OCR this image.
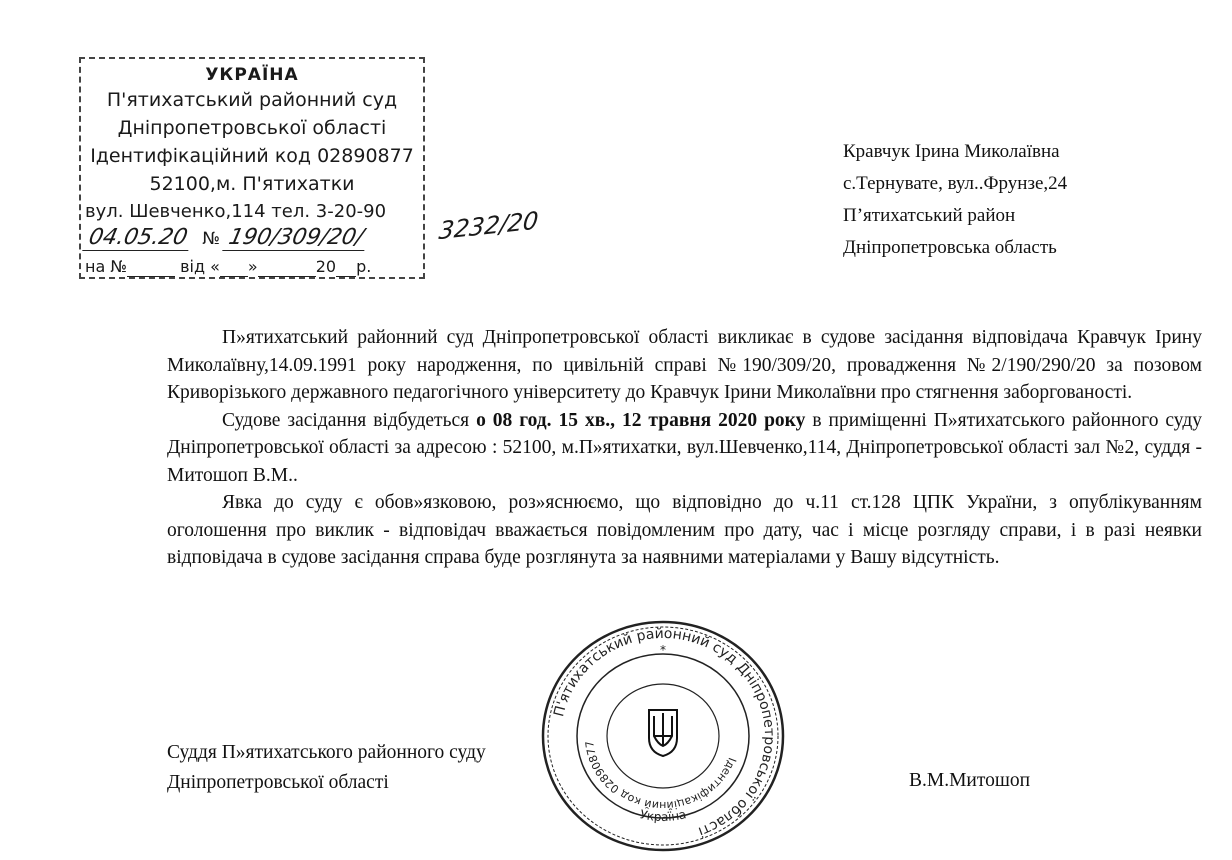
УКРАЇНА
П'ятихатський районний суд
Дніпропетровської області
Ідентифікаційний код 02890877
52100,м. П'ятихатки
вул. Шевченко,114 тел. 3-20-90
04.05.20 № 190/309/20/	3232/20
на №	від « »	20 р.
Кравчук Ірина Миколаївна
с.Тернувате, вул..Фрунзе,24
П’ятихатський район
Дніпропетровська область

П»ятихатський районний суд Дніпропетровської області викликає в судове засідання відповідача Кравчук Ірину Миколаївну,14.09.1991 року народження, по цивільній справі №190/309/20, провадження №2/190/290/20 за позовом Криворізького державного педагогічного університету до Кравчук Ірини Миколаївни про стягнення заборгованості.

Судове засідання відбудеться о 08 год. 15 хв., 12 травня 2020 року в приміщенні П»ятихатського районного суду Дніпропетровської області за адресою : 52100, м.П»ятихатки, вул.Шевченко,114, Дніпропетровської області зал №2, суддя - Митошоп В.М..

Явка до суду є обов»язковою, роз»яснюємо, що відповідно до ч.11 ст.128 ЦПК України, з опублікуванням оголошення про виклик - відповідач вважається повідомленим про дату, час і місце розгляду справи, і в разі неявки відповідача в судове засідання справа буде розглянута за наявними матеріалами у Вашу відсутність.

Суддя П»ятихатського районного суду
Дніпропетровської області	В.М.Митошоп
П'ятихатський районний суд Дніпропетровської області
Ідентифікаційний код 02890877
Україна
*
